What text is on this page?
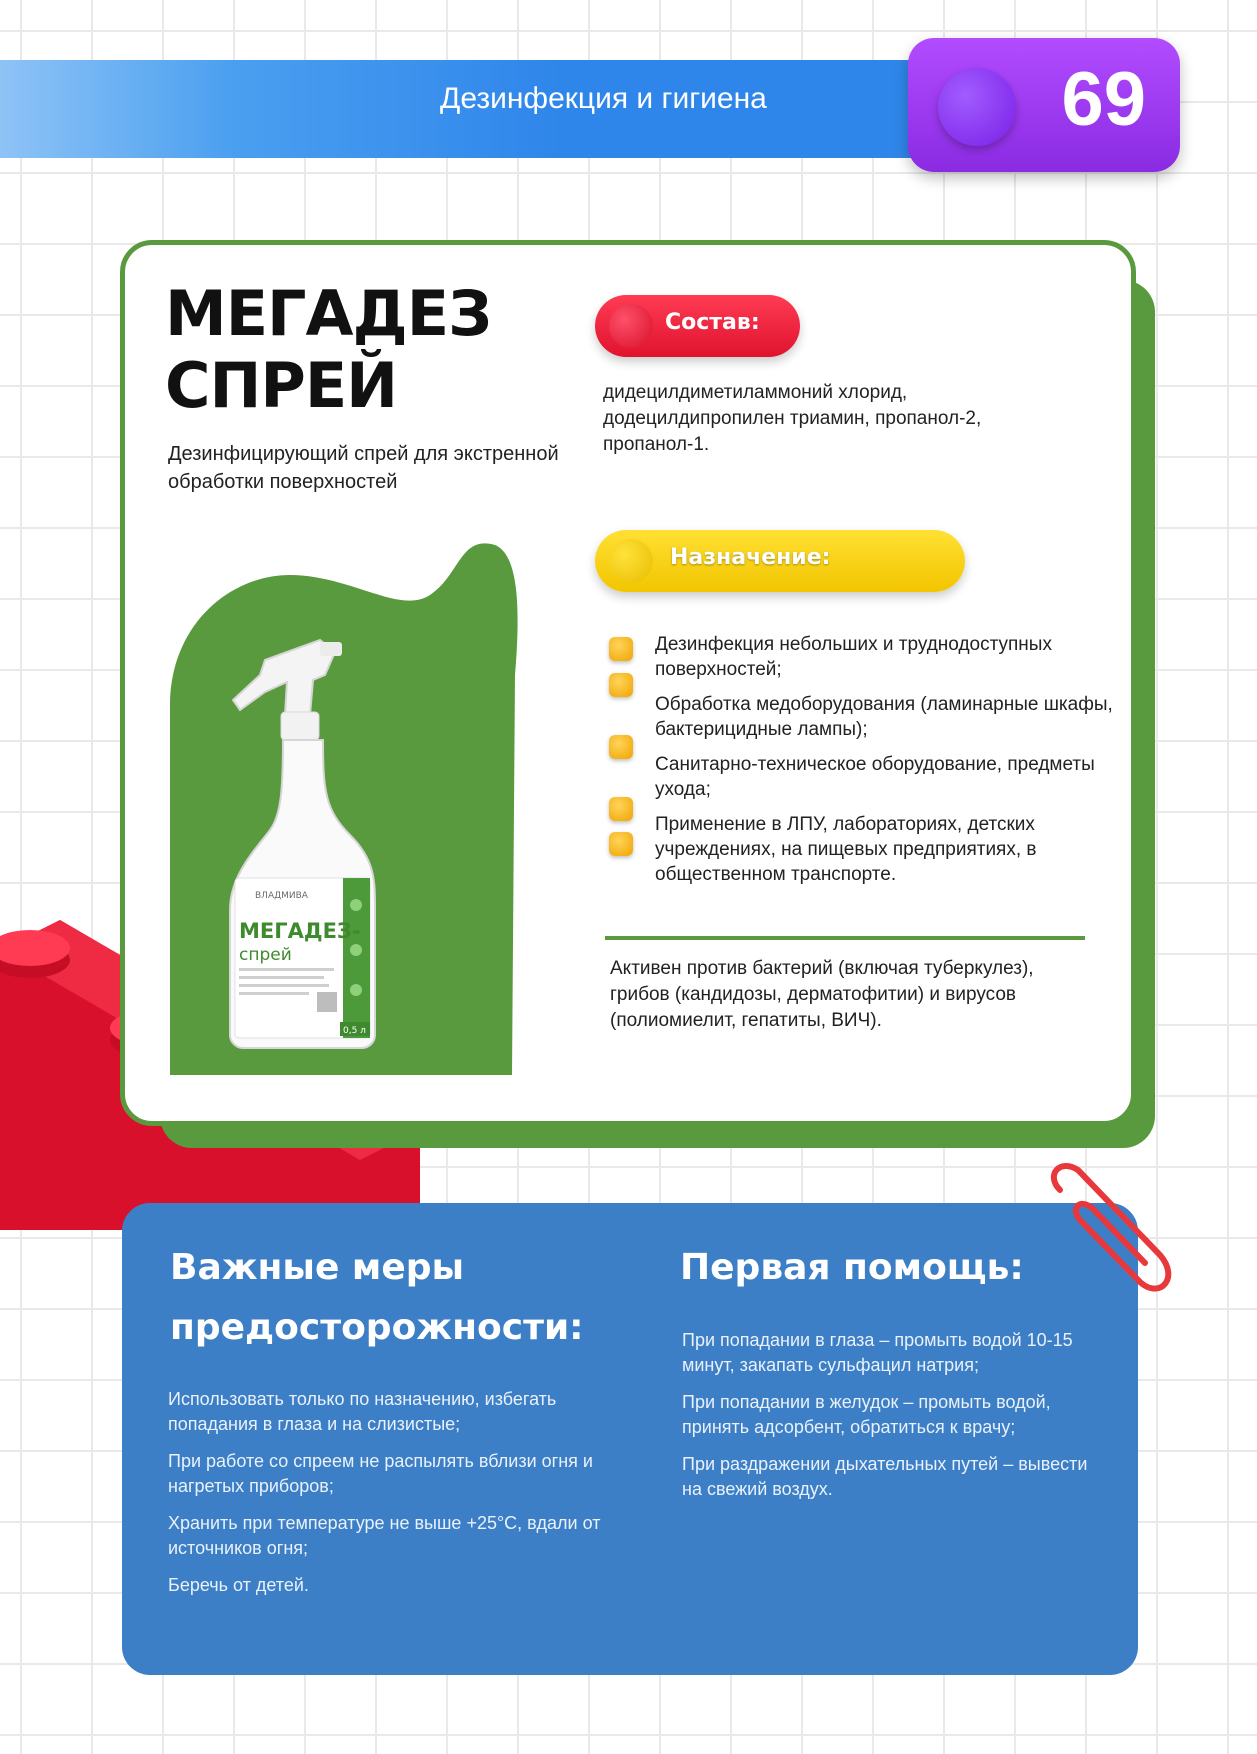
Дезинфекция и гигиена	69
МЕГАДЕЗ
СПРЕЙ
Дезинфицирующий спрей для экстренной обработки поверхностей
ВЛАДМИВА
МЕГАДЕЗ-
спрей
0,5 л
Состав:
дидецилдиметиламмоний хлорид, додецилдипропилен триамин, пропанол-2, пропанол-1.
Назначение:
Дезинфекция небольших и труднодоступных поверхностей;
Обработка медоборудования (ламинарные шкафы, бактерицидные лампы);
Санитарно-техническое оборудование, предметы ухода;
Применение в ЛПУ, лабораториях, детских учреждениях, на пищевых предприятиях, в общественном транспорте.
Активен против бактерий (включая туберкулез), грибов (кандидозы, дерматофитии) и вирусов (полиомиелит, гепатиты, ВИЧ).
Важные меры
предосторожности:

Использовать только по назначению, избегать попадания в глаза и на слизистые;

При работе со спреем не распылять вблизи огня и нагретых приборов;

Хранить при температуре не выше +25°С, вдали от источников огня;

Беречь от детей.

Первая помощь:

При попадании в глаза – промыть водой 10-15 минут, закапать сульфацил натрия;

При попадании в желудок – промыть водой, принять адсорбент, обратиться к врачу;

При раздражении дыхательных путей – вывести на свежий воздух.
